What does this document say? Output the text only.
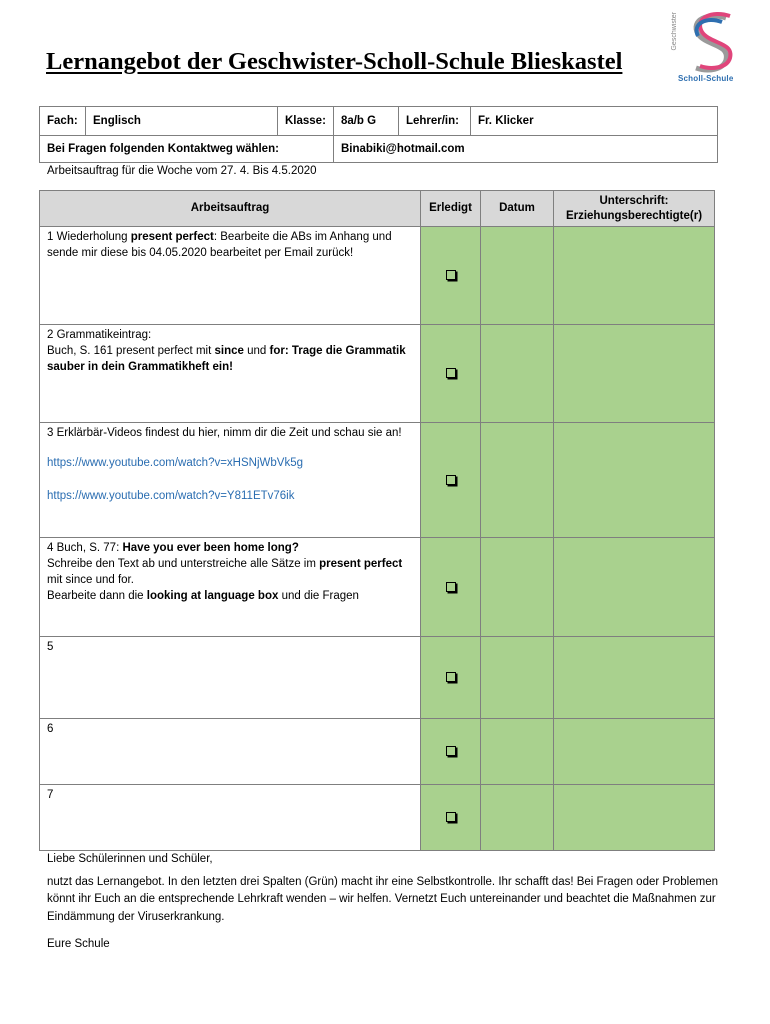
Geschwister
Scholl-Schule
Lernangebot der Geschwister-Scholl-Schule Blieskastel
Fach:	Englisch	Klasse:	8a/b G	Lehrer/in:	Fr. Klicker
Bei Fragen folgenden Kontaktweg wählen:			Binabiki@hotmail.com		
Arbeitsauftrag für die Woche vom 27. 4. Bis 4.5.2020
Arbeitsauftrag	Erledigt	Datum	Unterschrift:
Erziehungsberechtigte(r)
1 Wiederholung present perfect: Bearbeite die ABs im Anhang und sende mir diese bis 04.05.2020 bearbeitet per Email zurück!			
2 Grammatikeintrag:
Buch, S. 161 present perfect mit since und for: Trage die Grammatik sauber in dein Grammatikheft ein!			
3 Erklärbär-Videos findest du hier, nimm dir die Zeit und schau sie an!
https://www.youtube.com/watch?v=xHSNjWbVk5g
https://www.youtube.com/watch?v=Y811ETv76ik			

4 Buch, S. 77: Have you ever been home long?
Schreibe den Text ab und unterstreiche alle Sätze im present perfect mit since und for.
Bearbeite dann die looking at language box und die Fragen			
5			
6			
7			

Liebe Schülerinnen und Schüler,

nutzt das Lernangebot. In den letzten drei Spalten (Grün) macht ihr eine Selbstkontrolle. Ihr schafft das! Bei Fragen oder Problemen könnt ihr Euch an die entsprechende Lehrkraft wenden – wir helfen. Vernetzt Euch untereinander und beachtet die Maßnahmen zur Eindämmung der Viruserkrankung.

Eure Schule
